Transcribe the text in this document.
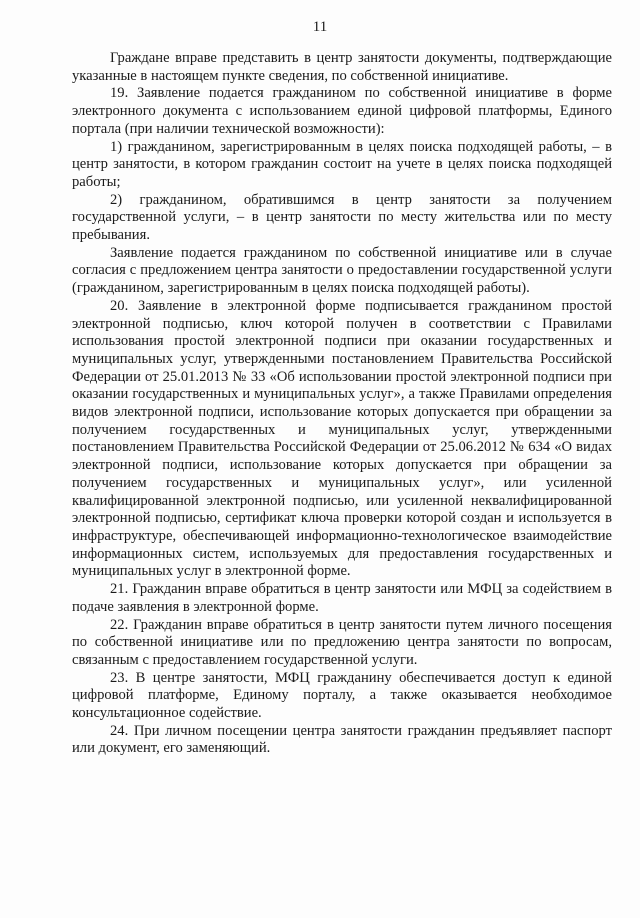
11

Граждане вправе представить в центр занятости документы, подтверждающие указанные в настоящем пункте сведения, по собственной инициативе.

19. Заявление подается гражданином по собственной инициативе в форме электронного документа с использованием единой цифровой платформы, Единого портала (при наличии технической возможности):

1) гражданином, зарегистрированным в целях поиска подходящей работы, – в центр занятости, в котором гражданин состоит на учете в целях поиска подходящей работы;

2) гражданином, обратившимся в центр занятости за получением государственной услуги, – в центр занятости по месту жительства или по месту пребывания.

Заявление подается гражданином по собственной инициативе или в случае согласия с предложением центра занятости о предоставлении государственной услуги (гражданином, зарегистрированным в целях поиска подходящей работы).

20. Заявление в электронной форме подписывается гражданином простой электронной подписью, ключ которой получен в соответствии с Правилами использования простой электронной подписи при оказании государственных и муниципальных услуг, утвержденными постановлением Правительства Российской Федерации от 25.01.2013 № 33 «Об использовании простой электронной подписи при оказании государственных и муниципальных услуг», а также Правилами определения видов электронной подписи, использование которых допускается при обращении за получением государственных и муниципальных услуг, утвержденными постановлением Правительства Российской Федерации от 25.06.2012 № 634 «О видах электронной подписи, использование которых допускается при обращении за получением государственных и муниципальных услуг», или усиленной квалифицированной электронной подписью, или усиленной неквалифицированной электронной подписью, сертификат ключа проверки которой создан и используется в инфраструктуре, обеспечивающей информационно-технологическое взаимодействие информационных систем, используемых для предоставления государственных и муниципальных услуг в электронной форме.

21. Гражданин вправе обратиться в центр занятости или МФЦ за содействием в подаче заявления в электронной форме.

22. Гражданин вправе обратиться в центр занятости путем личного посещения по собственной инициативе или по предложению центра занятости по вопросам, связанным с предоставлением государственной услуги.

23. В центре занятости, МФЦ гражданину обеспечивается доступ к единой цифровой платформе, Единому порталу, а также оказывается необходимое консультационное содействие.

24. При личном посещении центра занятости гражданин предъявляет паспорт или документ, его заменяющий.
